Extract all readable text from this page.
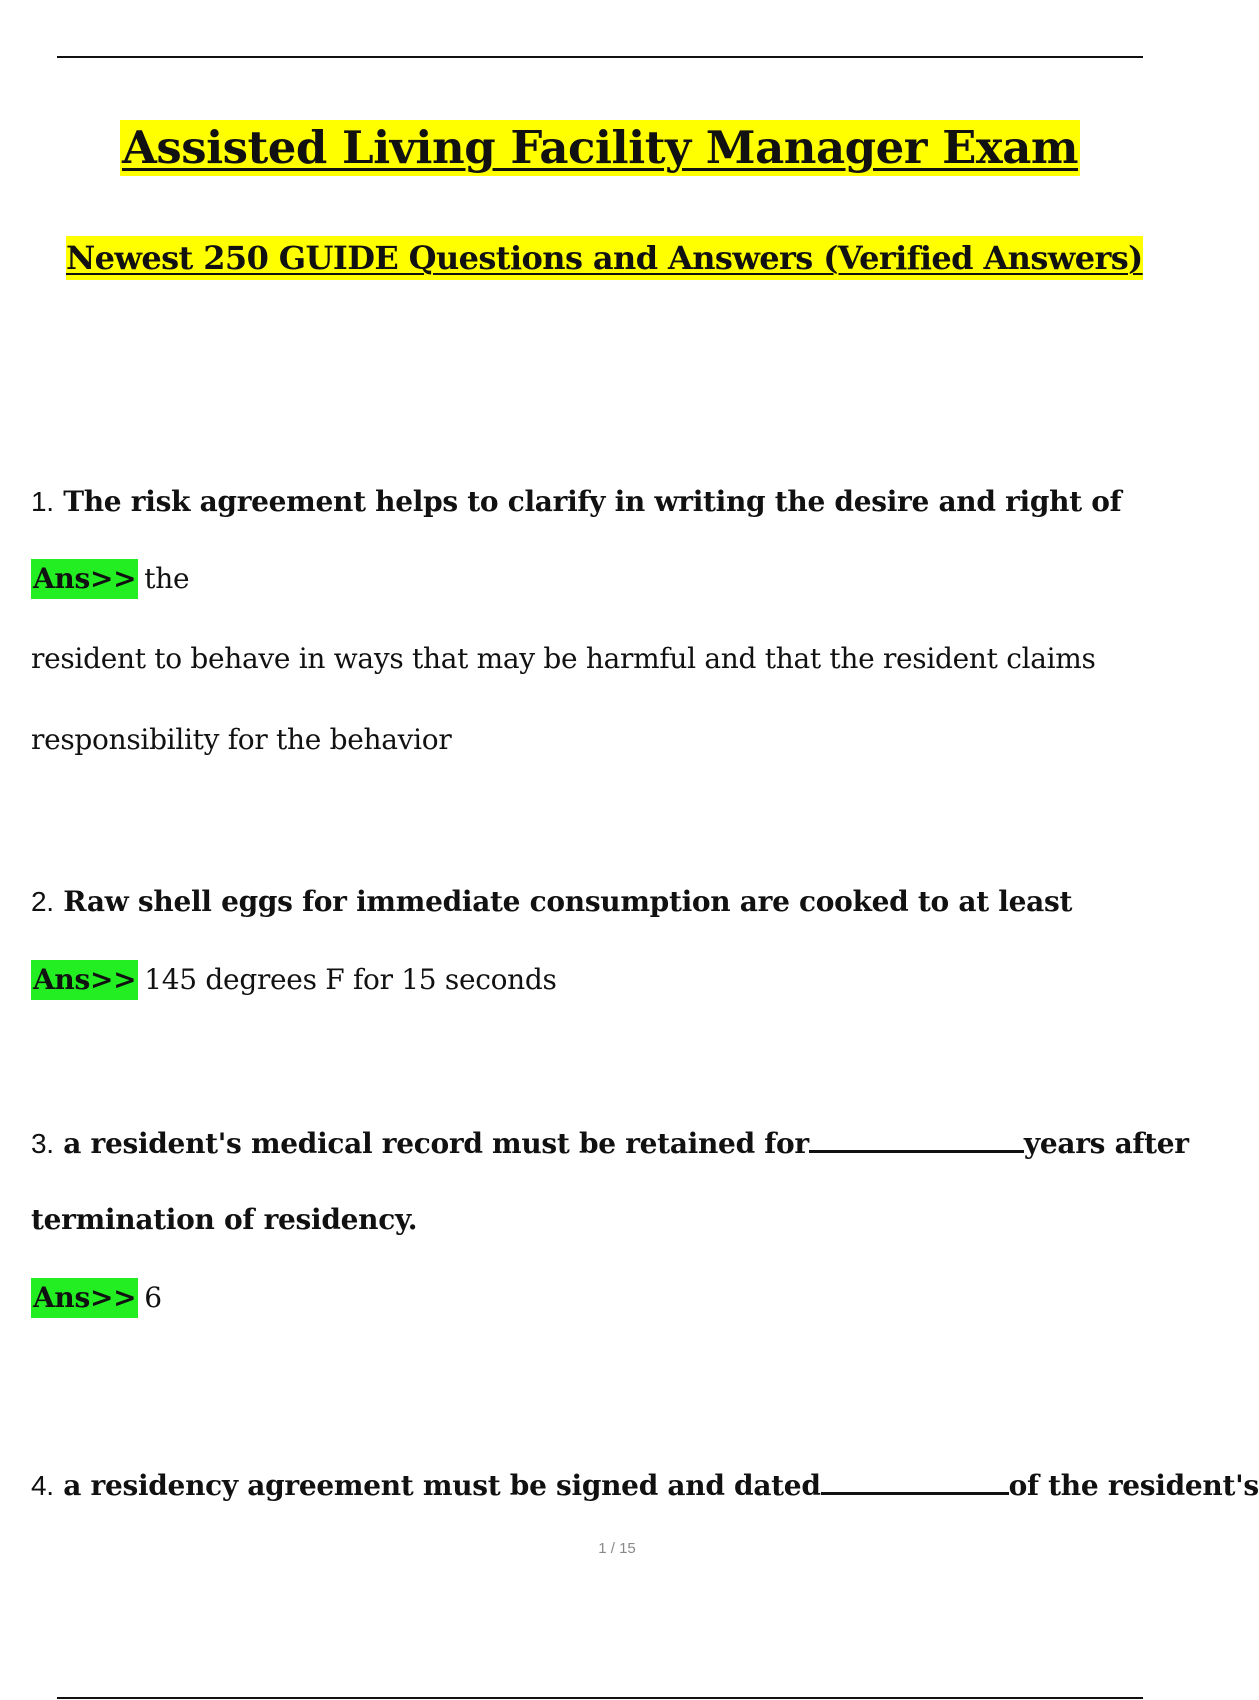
Assisted Living Facility Manager Exam
Newest 250 GUIDE Questions and Answers (Verified Answers)
1. The risk agreement helps to clarify in writing the desire and right of
Ans>> the
resident to behave in ways that may be harmful and that the resident claims
responsibility for the behavior
2. Raw shell eggs for immediate consumption are cooked to at least
Ans>> 145 degrees F for 15 seconds
3. a resident's medical record must be retained for	years after
termination of residency.
Ans>> 6
4. a residency agreement must be signed and dated	of the resident's
1 / 15
